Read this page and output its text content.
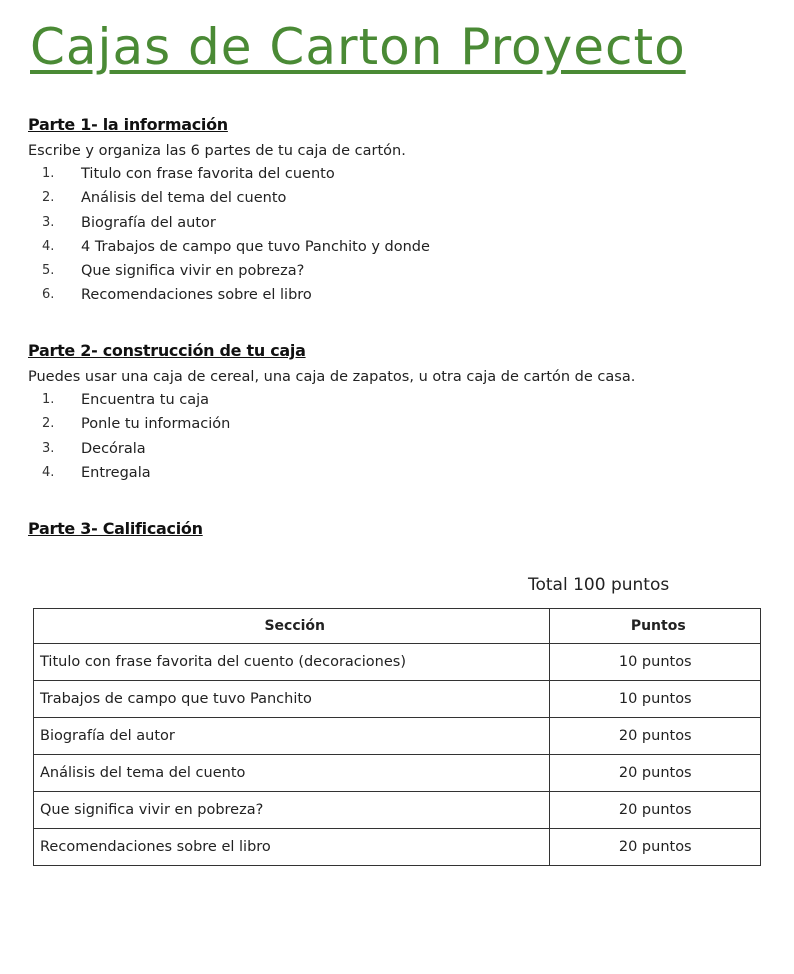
Cajas de Carton Proyecto
Parte 1- la información
Escribe y organiza las 6 partes de tu caja de cartón.
1.	Titulo con frase favorita del cuento
2.	Análisis del tema del cuento
3.	Biografía del autor
4.	4 Trabajos de campo que tuvo Panchito y donde
5.	Que significa vivir en pobreza?
6.	Recomendaciones sobre el libro
Parte 2- construcción de tu caja
Puedes usar una caja de cereal, una caja de zapatos, u otra caja de cartón de casa.
1.	Encuentra tu caja
2.	Ponle tu información
3.	Decórala
4.	Entregala
Parte 3- Calificación
Total 100 puntos
Sección	Puntos
Titulo con frase favorita del cuento (decoraciones)	10 puntos
Trabajos de campo que tuvo Panchito	10 puntos
Biografía del autor	20 puntos
Análisis del tema del cuento	20 puntos
Que significa vivir en pobreza?	20 puntos
Recomendaciones sobre el libro	20 puntos
